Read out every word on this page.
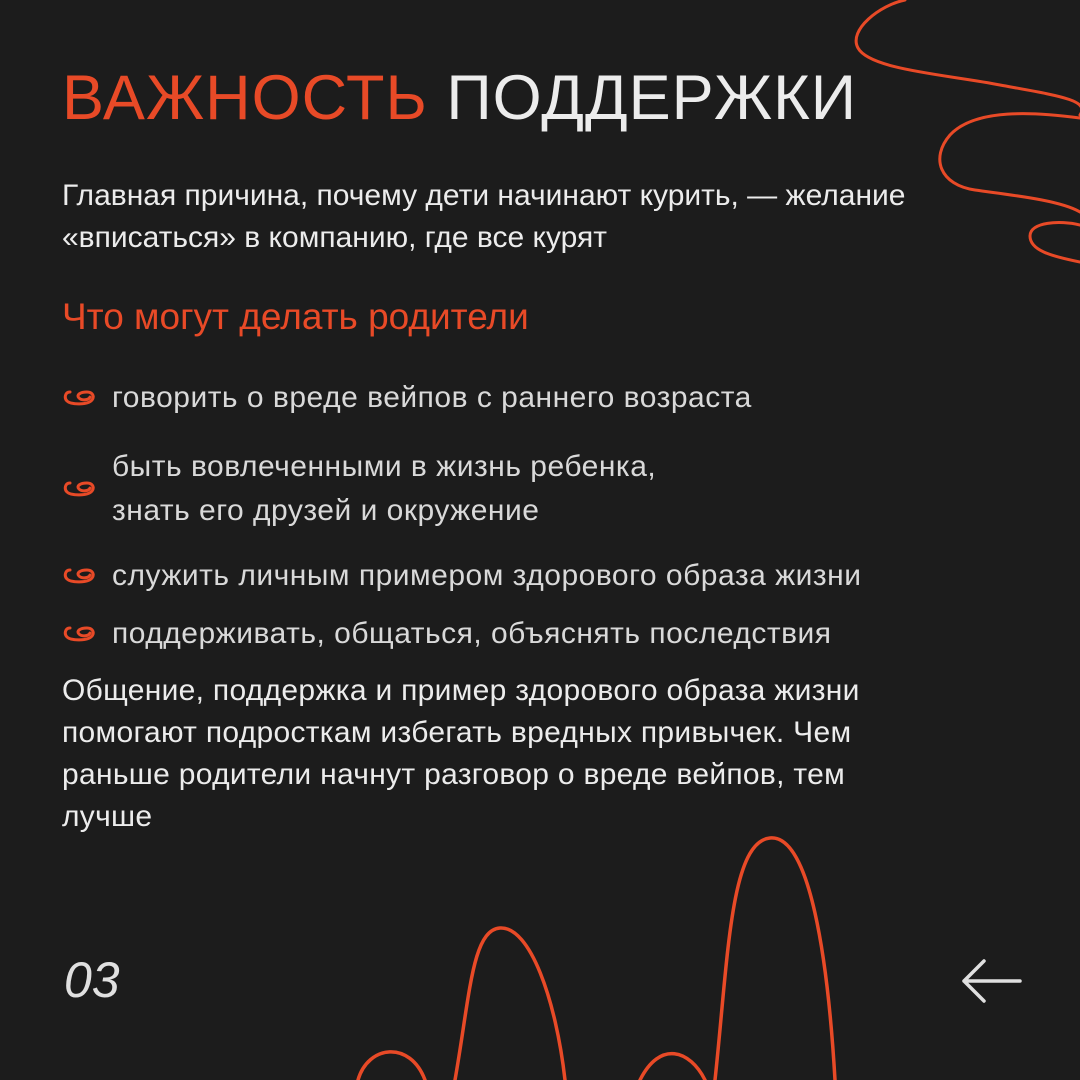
ВАЖНОСТЬ ПОДДЕРЖКИ

Главная причина, почему дети начинают курить, — желание «вписаться» в компанию, где все курят

Что могут делать родители
говорить о вреде вейпов с раннего возраста
быть вовлеченными в жизнь ребенка,
знать его друзей и окружение
служить личным примером здорового образа жизни
поддерживать, общаться, объяснять последствия

Общение, поддержка и пример здорового образа жизни помогают подросткам избегать вредных привычек. Чем раньше родители начнут разговор о вреде вейпов, тем лучше

03
